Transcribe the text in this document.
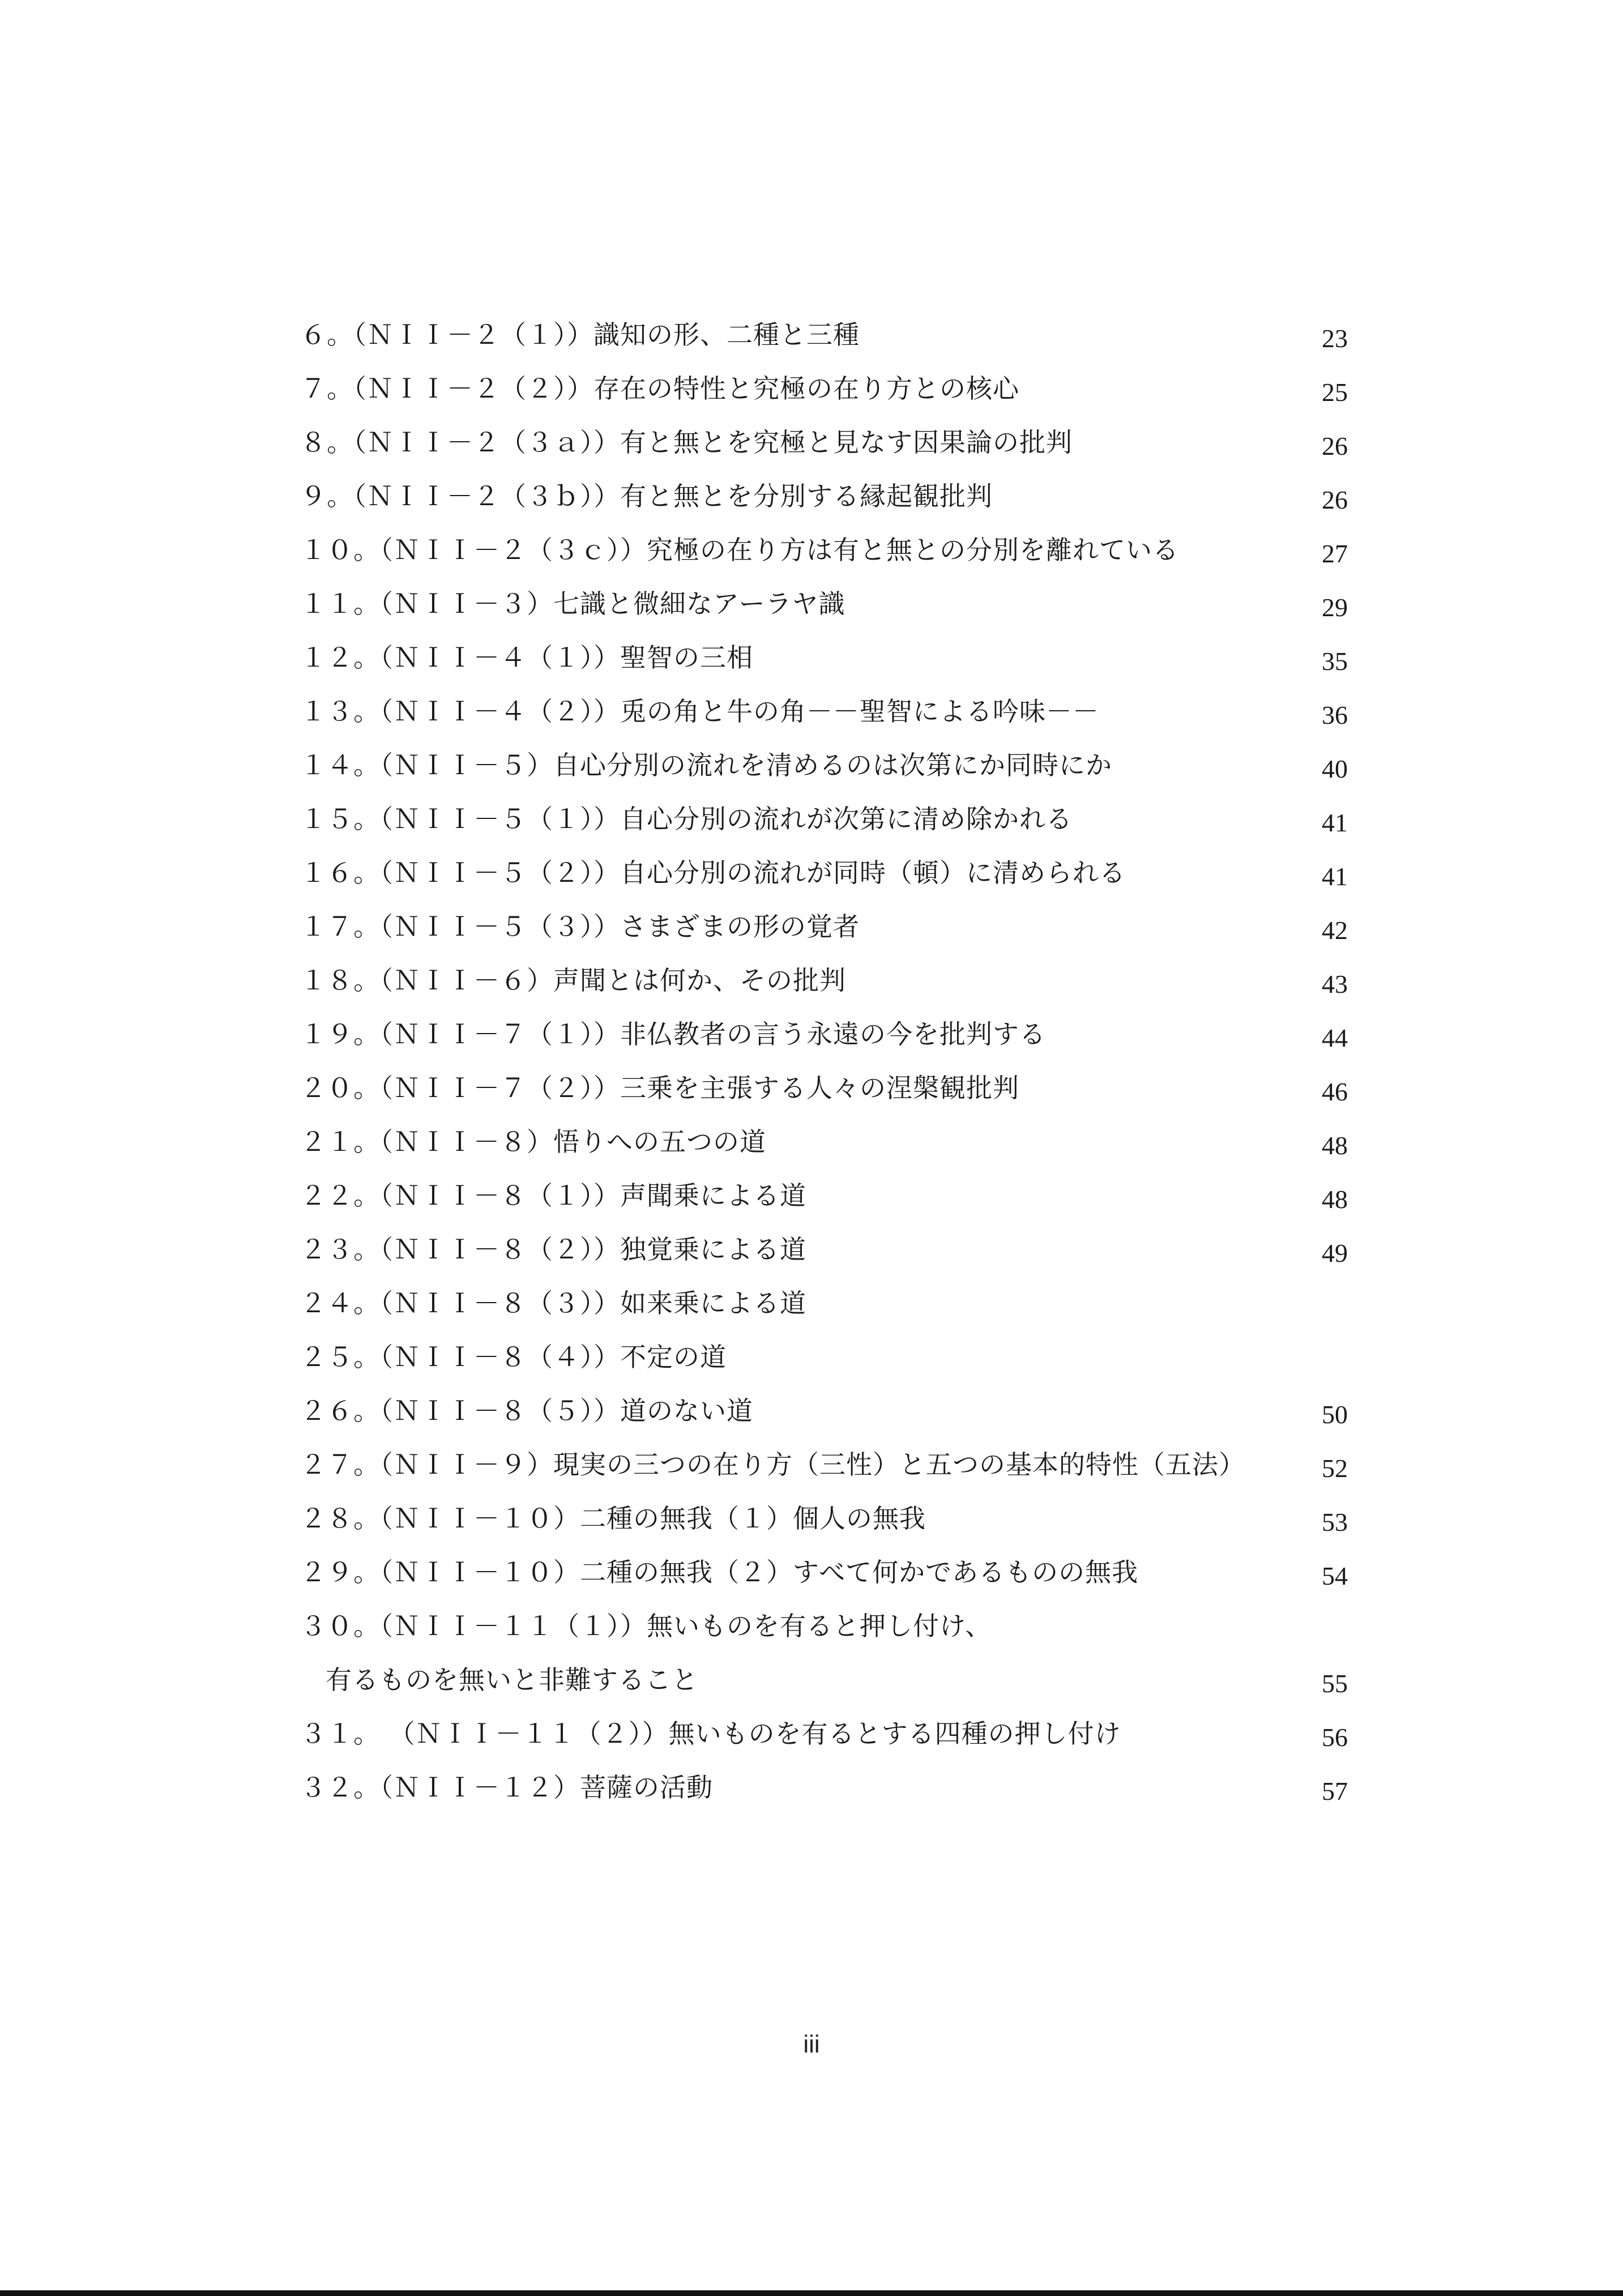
６。（ＮＩＩ－２（１））識知の形、二種と三種	23
７。（ＮＩＩ－２（２））存在の特性と究極の在り方との核心	25
８。（ＮＩＩ－２（３ａ））有と無とを究極と見なす因果論の批判	26
９。（ＮＩＩ－２（３ｂ））有と無とを分別する縁起観批判	26
１０。（ＮＩＩ－２（３ｃ））究極の在り方は有と無との分別を離れている	27
１１。（ＮＩＩ－３）七識と微細なアーラヤ識	29
１２。（ＮＩＩ－４（１））聖智の三相	35
１３。（ＮＩＩ－４（２））兎の角と牛の角－－聖智による吟味－－	36
１４。（ＮＩＩ－５）自心分別の流れを清めるのは次第にか同時にか	40
１５。（ＮＩＩ－５（１））自心分別の流れが次第に清め除かれる	41
１６。（ＮＩＩ－５（２））自心分別の流れが同時（頓）に清められる	41
１７。（ＮＩＩ－５（３））さまざまの形の覚者	42
１８。（ＮＩＩ－６）声聞とは何か、その批判	43
１９。（ＮＩＩ－７（１））非仏教者の言う永遠の今を批判する	44
２０。（ＮＩＩ－７（２））三乗を主張する人々の涅槃観批判	46
２１。（ＮＩＩ－８）悟りへの五つの道	48
２２。（ＮＩＩ－８（１））声聞乗による道	48
２３。（ＮＩＩ－８（２））独覚乗による道	49
２４。（ＮＩＩ－８（３））如来乗による道
２５。（ＮＩＩ－８（４））不定の道
２６。（ＮＩＩ－８（５））道のない道	50
２７。（ＮＩＩ－９）現実の三つの在り方（三性）と五つの基本的特性（五法）	52
２８。（ＮＩＩ－１０）二種の無我（１）個人の無我	53
２９。（ＮＩＩ－１０）二種の無我（２）すべて何かであるものの無我	54
３０。（ＮＩＩ－１１（１））無いものを有ると押し付け、
有るものを無いと非難すること	55
３１。 （ＮＩＩ－１１（２））無いものを有るとする四種の押し付け	56
３２。（ＮＩＩ－１２）菩薩の活動	57
iii
